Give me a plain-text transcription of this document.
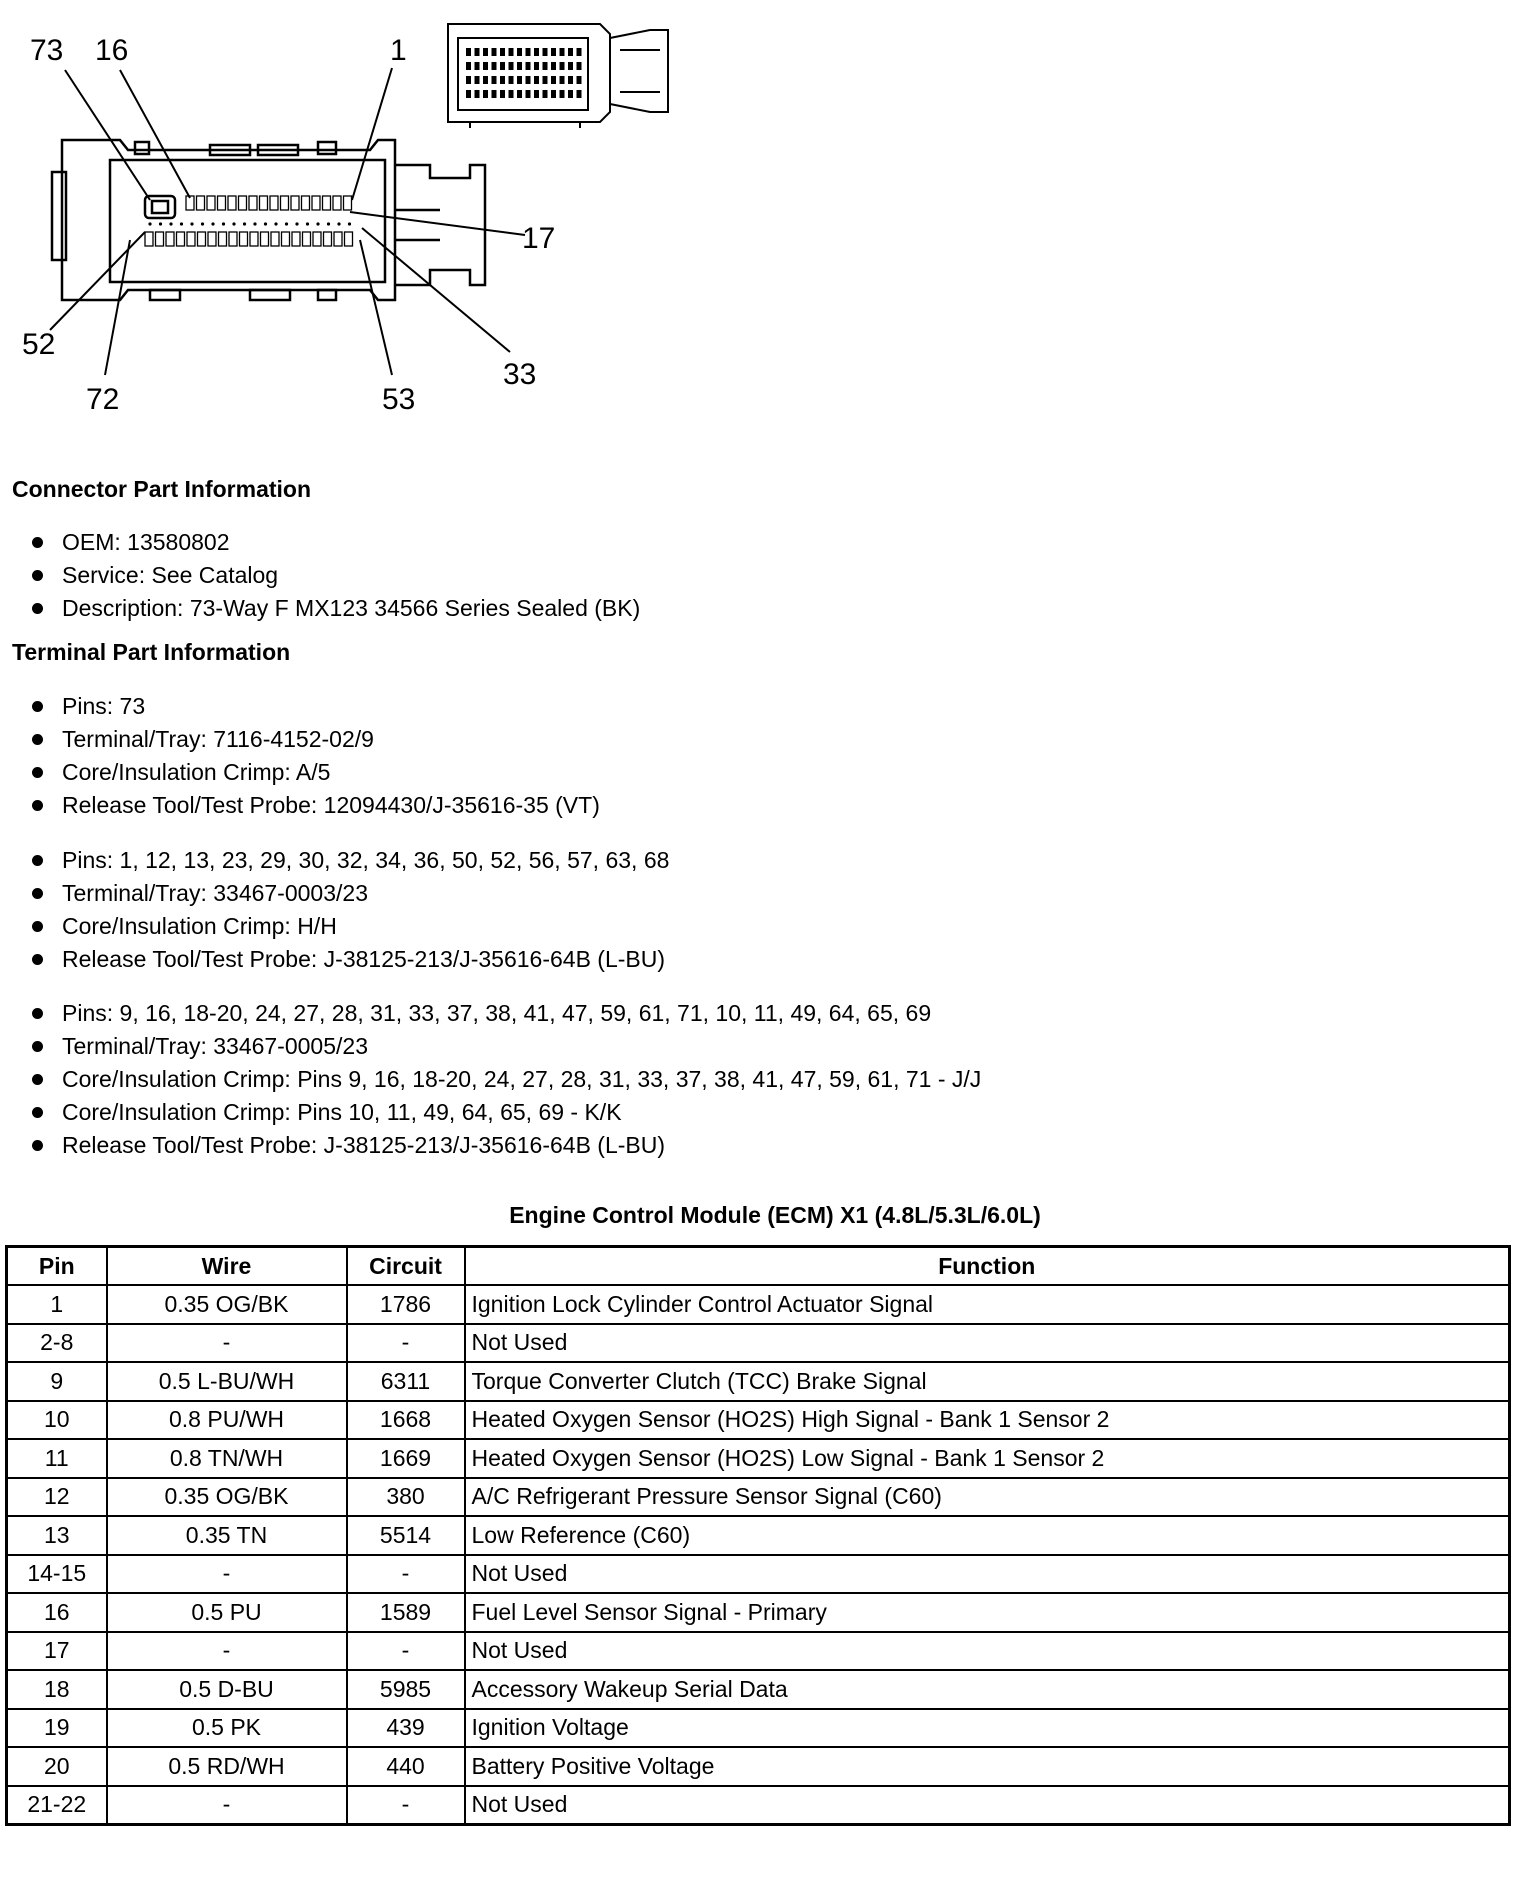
73 16	1
17
52
72	53
33
Connector Part Information
OEM: 13580802
Service: See Catalog
Description: 73-Way F MX123 34566 Series Sealed (BK)
Terminal Part Information
Pins: 73
Terminal/Tray: 7116-4152-02/9
Core/Insulation Crimp: A/5
Release Tool/Test Probe: 12094430/J-35616-35 (VT)
Pins: 1, 12, 13, 23, 29, 30, 32, 34, 36, 50, 52, 56, 57, 63, 68
Terminal/Tray: 33467-0003/23
Core/Insulation Crimp: H/H
Release Tool/Test Probe: J-38125-213/J-35616-64B (L-BU)
Pins: 9, 16, 18-20, 24, 27, 28, 31, 33, 37, 38, 41, 47, 59, 61, 71, 10, 11, 49, 64, 65, 69
Terminal/Tray: 33467-0005/23
Core/Insulation Crimp: Pins 9, 16, 18-20, 24, 27, 28, 31, 33, 37, 38, 41, 47, 59, 61, 71 - J/J
Core/Insulation Crimp: Pins 10, 11, 49, 64, 65, 69 - K/K
Release Tool/Test Probe: J-38125-213/J-35616-64B (L-BU)
Engine Control Module (ECM) X1 (4.8L/5.3L/6.0L)
Pin	Wire	Circuit	Function
1	0.35 OG/BK	1786	Ignition Lock Cylinder Control Actuator Signal
2-8	-	-	Not Used
9	0.5 L-BU/WH	6311	Torque Converter Clutch (TCC) Brake Signal
10	0.8 PU/WH	1668	Heated Oxygen Sensor (HO2S) High Signal - Bank 1 Sensor 2
11	0.8 TN/WH	1669	Heated Oxygen Sensor (HO2S) Low Signal - Bank 1 Sensor 2
12	0.35 OG/BK	380	A/C Refrigerant Pressure Sensor Signal (C60)
13	0.35 TN	5514	Low Reference (C60)
14-15	-	-	Not Used
16	0.5 PU	1589	Fuel Level Sensor Signal - Primary
17	-	-	Not Used
18	0.5 D-BU	5985	Accessory Wakeup Serial Data
19	0.5 PK	439	Ignition Voltage
20	0.5 RD/WH	440	Battery Positive Voltage
21-22	-	-	Not Used
